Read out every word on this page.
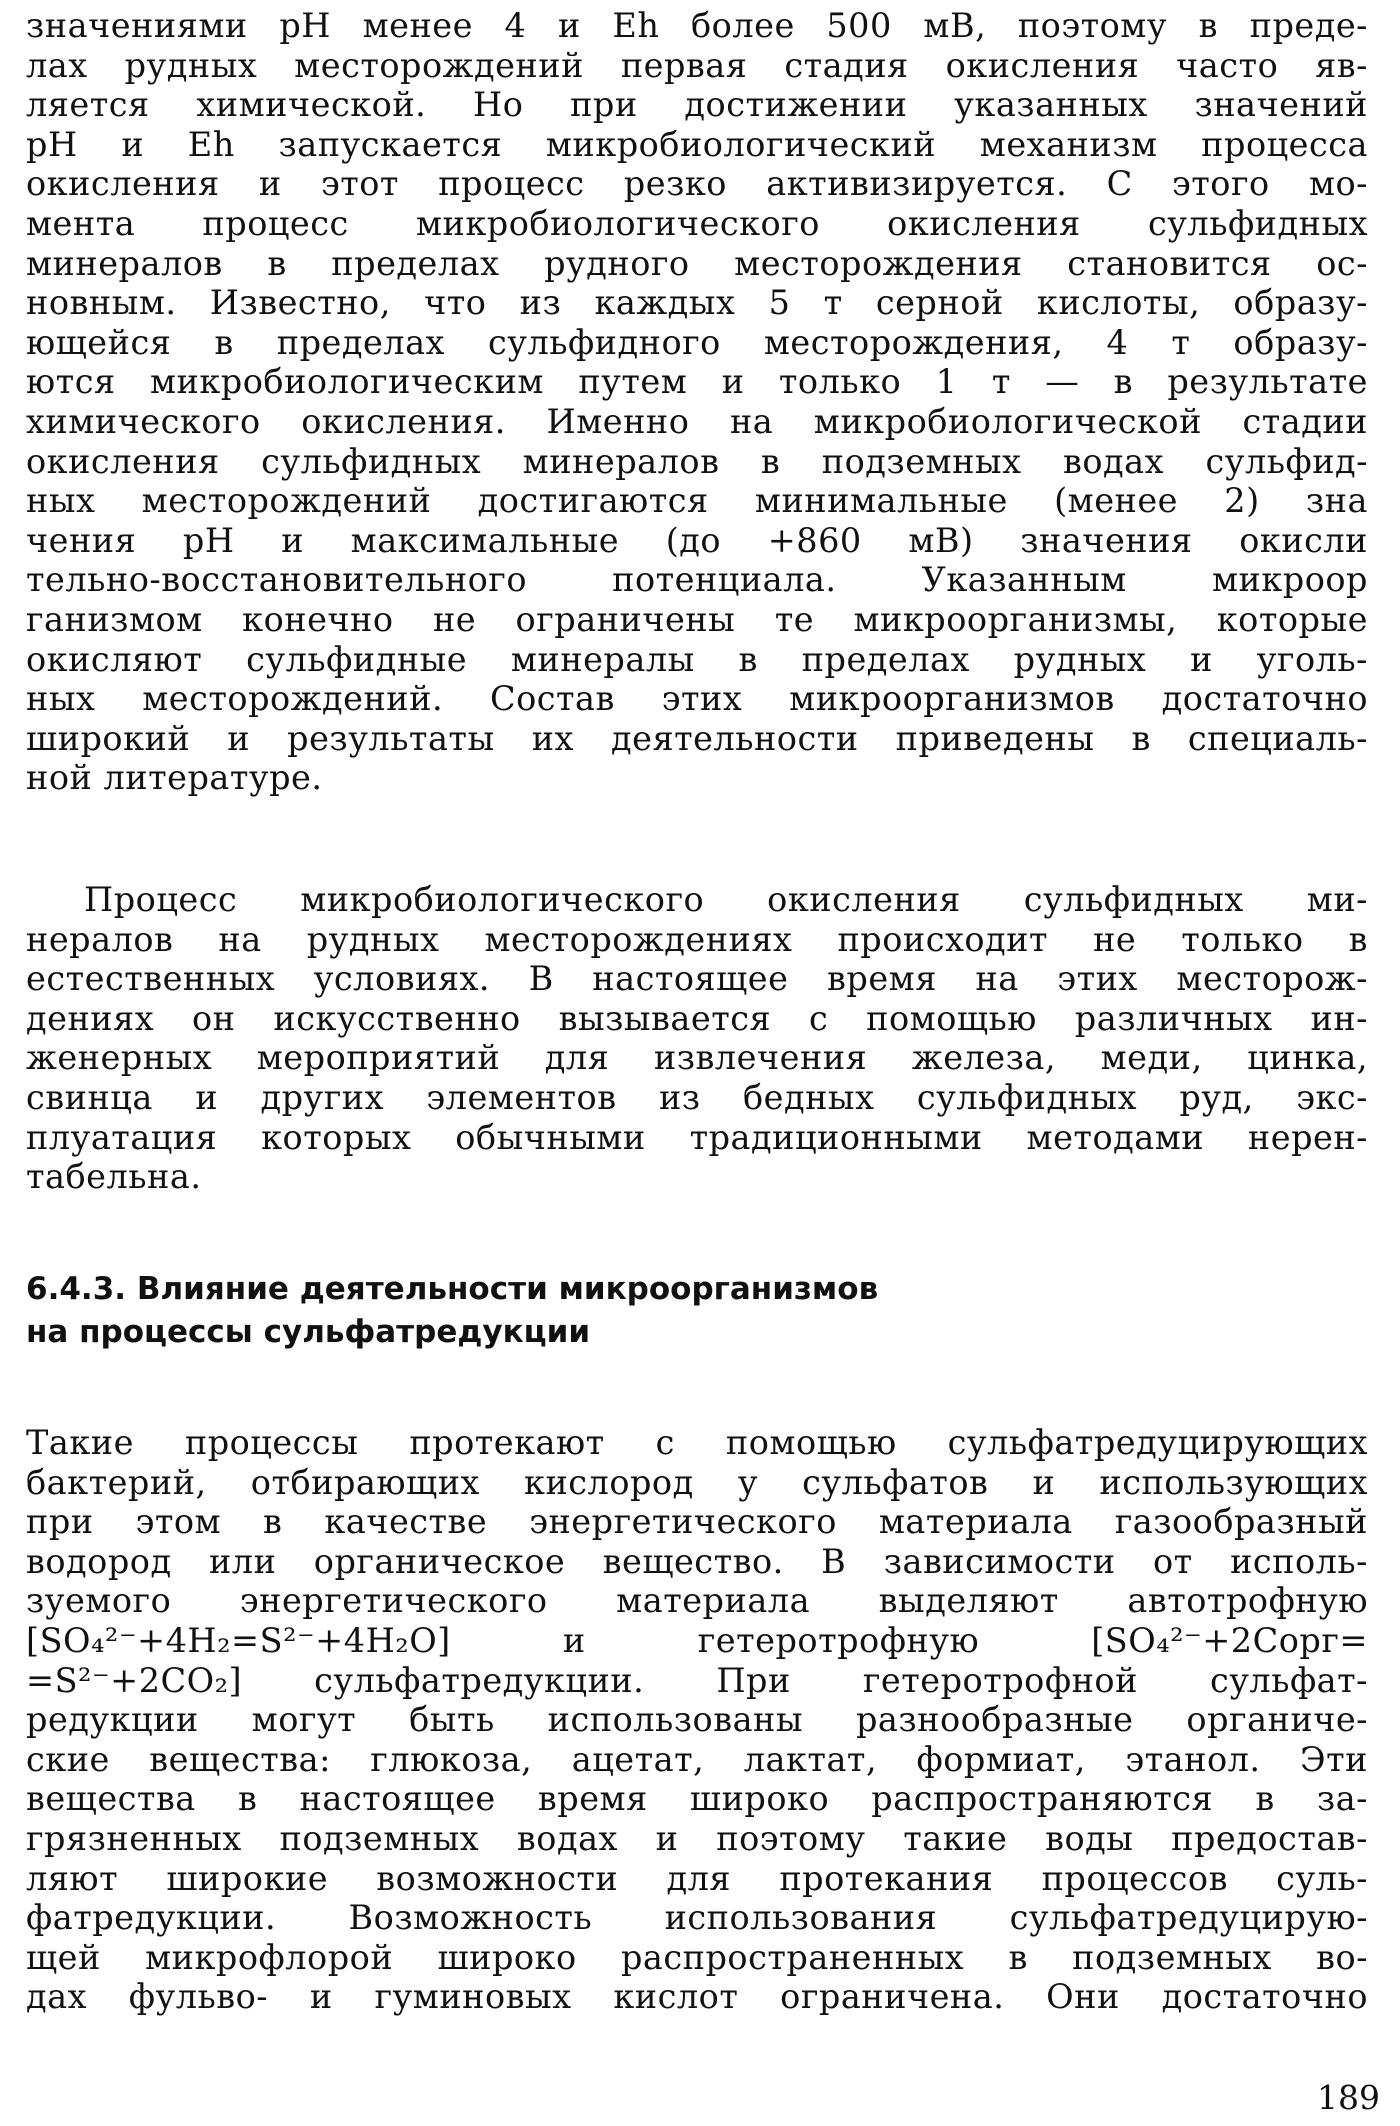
значениями pH менее 4 и Eh более 500 мВ, поэтому в преде-
лах рудных месторождений первая стадия окисления часто яв-
ляется химической. Но при достижении указанных значений
pH и Eh запускается микробиологический механизм процесса
окисления и этот процесс резко активизируется. С этого мо-
мента процесс микробиологического окисления сульфидных
минералов в пределах рудного месторождения становится ос-
новным. Известно, что из каждых 5 т серной кислоты, образу-
ющейся в пределах сульфидного месторождения, 4 т образу-
ются микробиологическим путем и только 1 т — в результате
химического окисления. Именно на микробиологической стадии
окисления сульфидных минералов в подземных водах сульфид-
ных месторождений достигаются минимальные (менее 2) зна
чения pH и максимальные (до +860 мВ) значения окисли
тельно-восстановительного потенциала. Указанным микроор
ганизмом конечно не ограничены те микроорганизмы, которые
окисляют сульфидные минералы в пределах рудных и уголь-
ных месторождений. Состав этих микроорганизмов достаточно
широкий и результаты их деятельности приведены в специаль-
ной литературе.
Процесс микробиологического окисления сульфидных ми-
нералов на рудных месторождениях происходит не только в
естественных условиях. В настоящее время на этих месторож-
дениях он искусственно вызывается с помощью различных ин-
женерных мероприятий для извлечения железа, меди, цинка,
свинца и других элементов из бедных сульфидных руд, экс-
плуатация которых обычными традиционными методами нерен-
табельна.
6.4.3. Влияние деятельности микроорганизмов
на процессы сульфатредукции
Такие процессы протекают с помощью сульфатредуцирующих
бактерий, отбирающих кислород у сульфатов и использующих
при этом в качестве энергетического материала газообразный
водород или органическое вещество. В зависимости от исполь-
зуемого энергетического материала выделяют автотрофную
[SO₄²⁻+4H₂=S²⁻+4H₂O] и гетеротрофную [SO₄²⁻+2Cорг=
=S²⁻+2CO₂] сульфатредукции. При гетеротрофной сульфат-
редукции могут быть использованы разнообразные органиче-
ские вещества: глюкоза, ацетат, лактат, формиат, этанол. Эти
вещества в настоящее время широко распространяются в за-
грязненных подземных водах и поэтому такие воды предостав-
ляют широкие возможности для протекания процессов суль-
фатредукции. Возможность использования сульфатредуцирую-
щей микрофлорой широко распространенных в подземных во-
дах фульво- и гуминовых кислот ограничена. Они достаточно
189
